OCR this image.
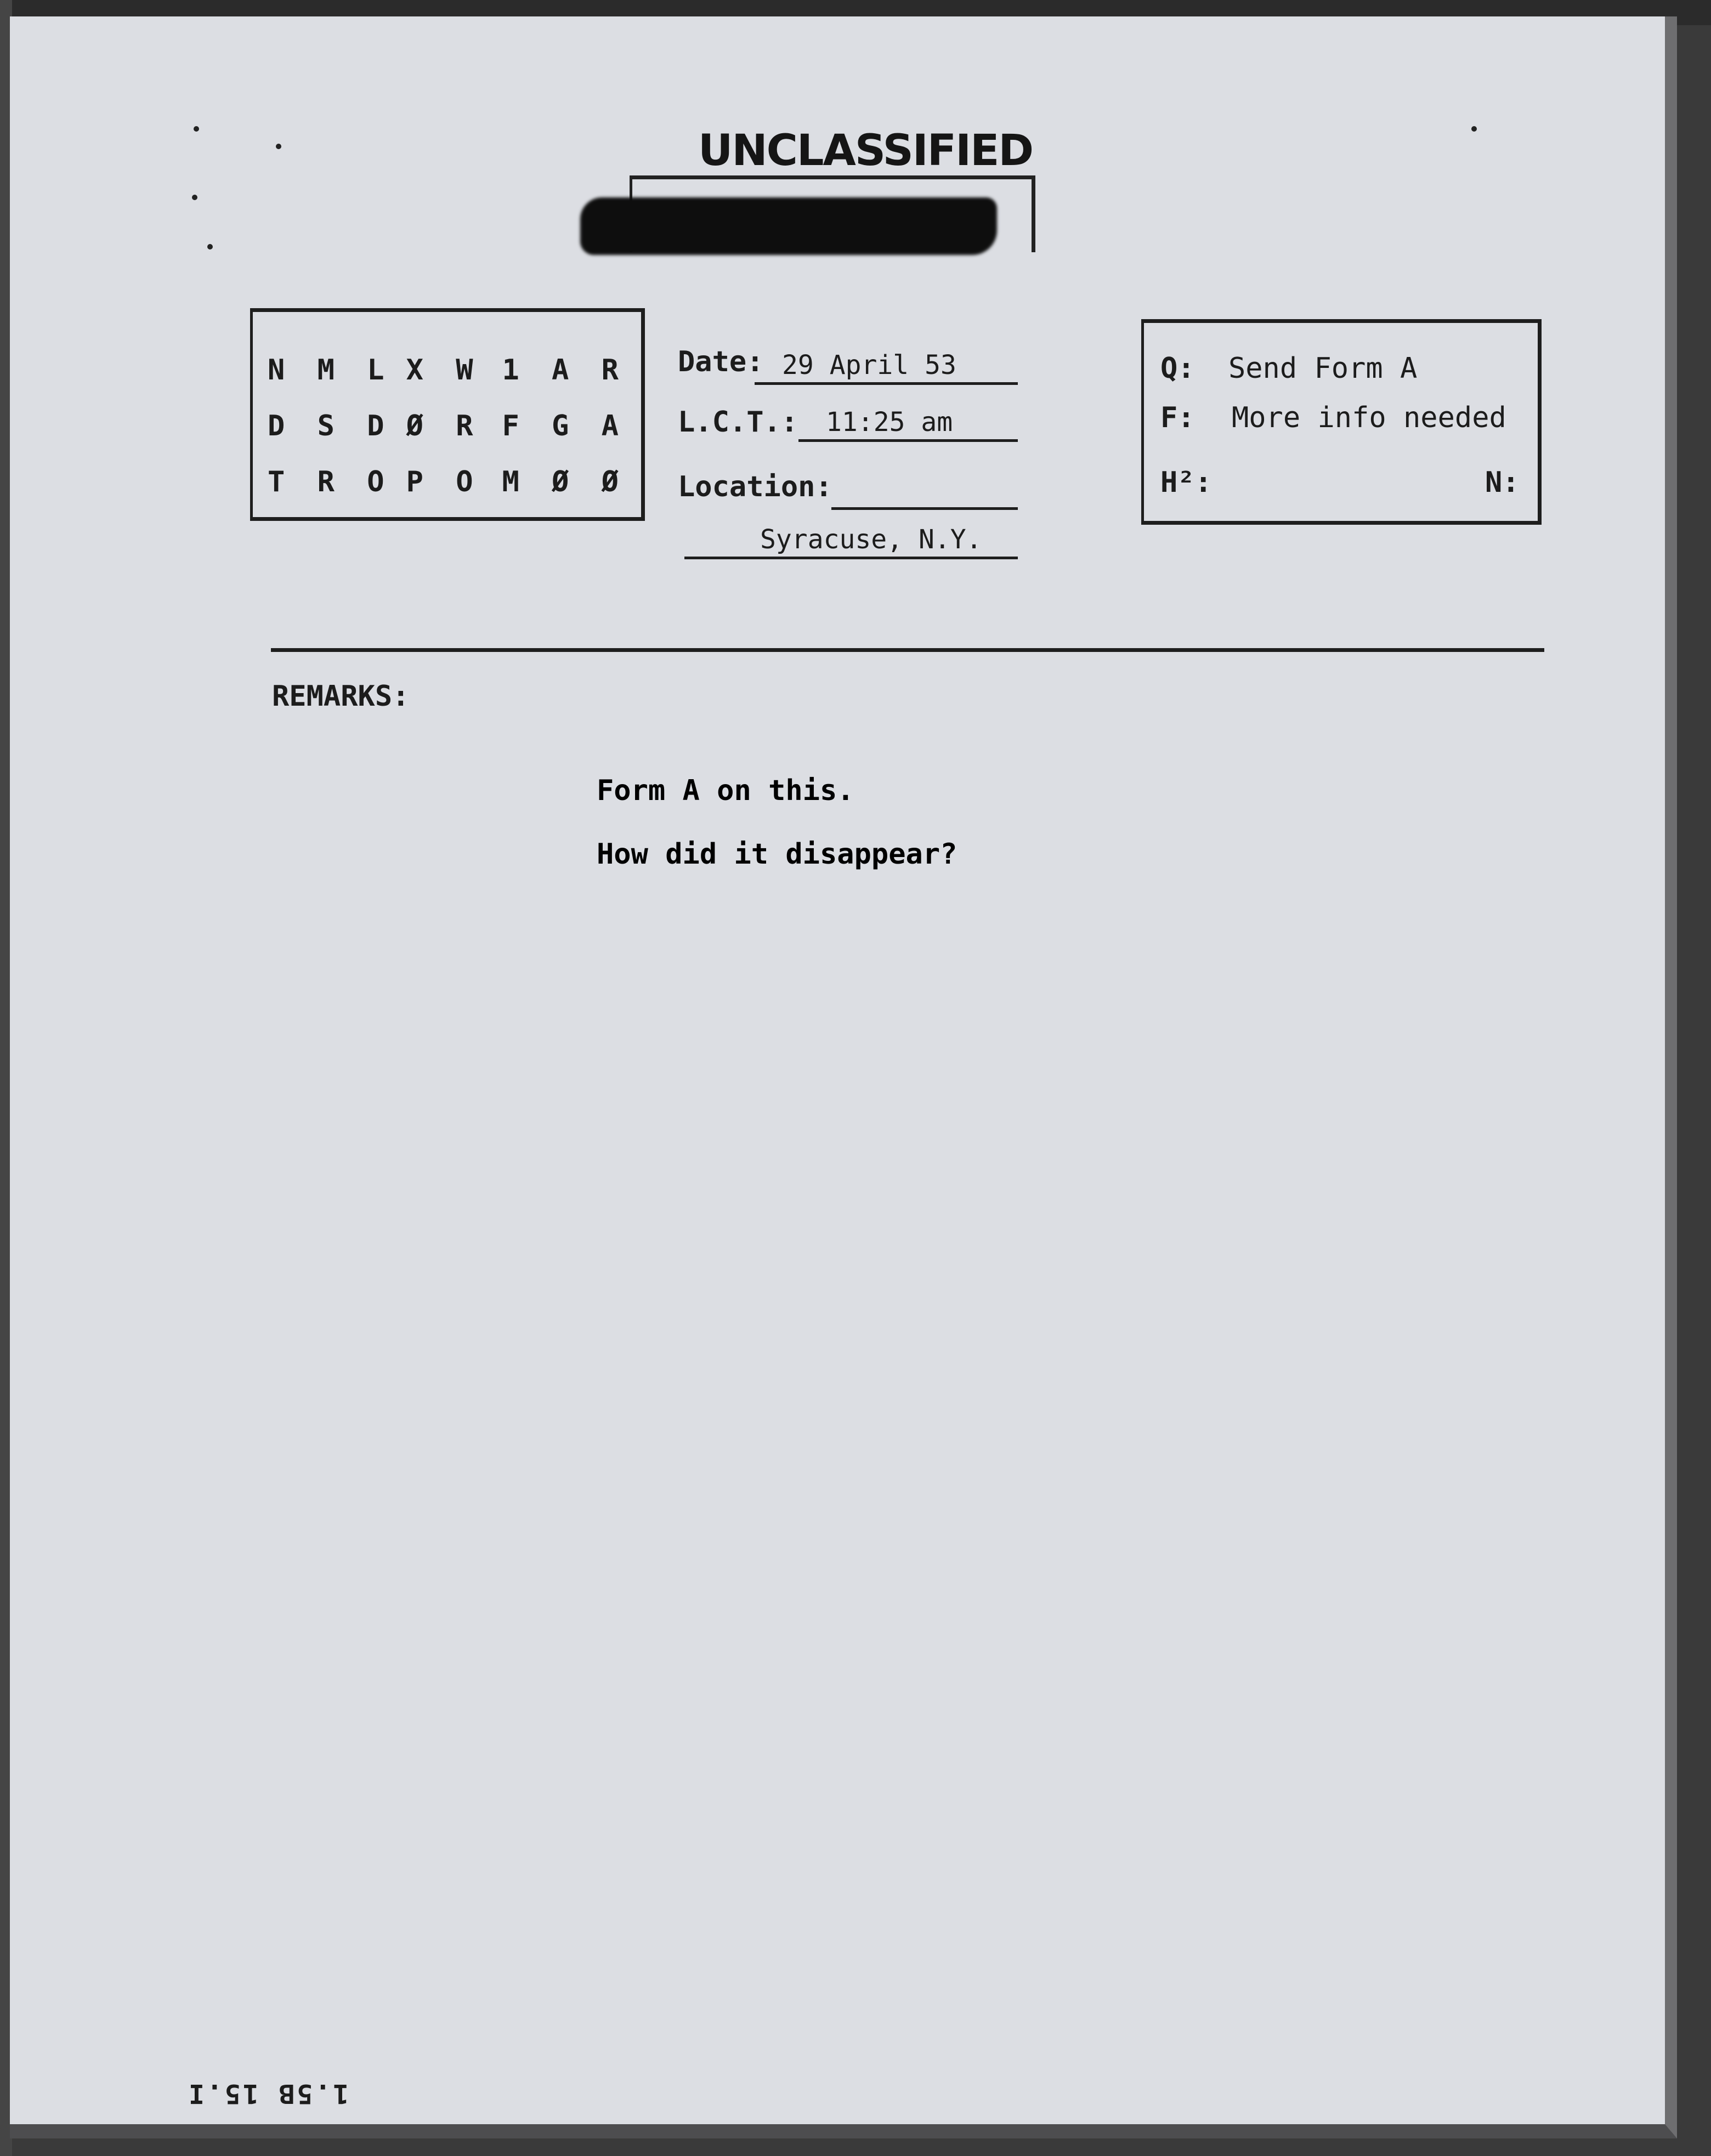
UNCLASSIFIED
N M L X W 1 A R
D S D Ø R F G A
T R O P O M Ø Ø
Date: 29 April 53
L.C.T.:	11:25 am
Location:
Syracuse, N.Y.
Q: Send Form A
F: More info needed
H²:	N:
REMARKS:
Form A on this.
How did it disappear?
1.5B 15.I
